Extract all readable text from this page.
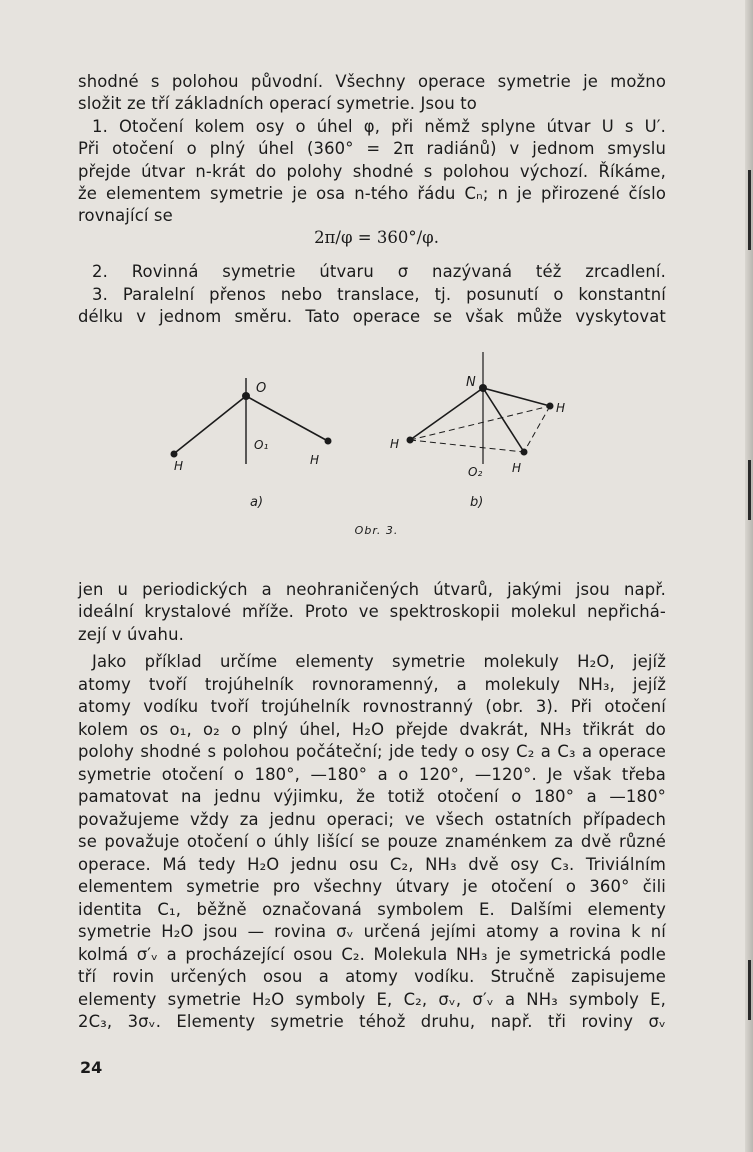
shodné s polohou původní. Všechny operace symetrie je možno
složit ze tří základních operací symetrie. Jsou to
1. Otočení kolem osy o úhel φ, při němž splyne útvar U s U′.
Při otočení o plný úhel (360° = 2π radiánů) v jednom smyslu
přejde útvar n-krát do polohy shodné s polohou výchozí. Říkáme,
že elementem symetrie je osa n-tého řádu Cₙ; n je přirozené číslo
rovnající se
2π/φ = 360°/φ.
2. Rovinná symetrie útvaru σ nazývaná též zrcadlení.
3. Paralelní přenos nebo translace, tj. posunutí o konstantní
délku v jednom směru. Tato operace se však může vyskytovat
O
O₁
H	H
a)
N
H
H
H
O₂
b)
Obr. 3.
jen u periodických a neohraničených útvarů, jakými jsou např.
ideální krystalové mříže. Proto ve spektroskopii molekul nepřichá-
zejí v úvahu.
Jako příklad určíme elementy symetrie molekuly H₂O, jejíž
atomy tvoří trojúhelník rovnoramenný, a molekuly NH₃, jejíž
atomy vodíku tvoří trojúhelník rovnostranný (obr. 3). Při otočení
kolem os o₁, o₂ o plný úhel, H₂O přejde dvakrát, NH₃ třikrát do
polohy shodné s polohou počáteční; jde tedy o osy C₂ a C₃ a operace
symetrie otočení o 180°, —180° a o 120°, —120°. Je však třeba
pamatovat na jednu výjimku, že totiž otočení o 180° a —180°
považujeme vždy za jednu operaci; ve všech ostatních případech
se považuje otočení o úhly lišící se pouze znaménkem za dvě různé
operace. Má tedy H₂O jednu osu C₂, NH₃ dvě osy C₃. Triviálním
elementem symetrie pro všechny útvary je otočení o 360° čili
identita C₁, běžně označovaná symbolem E. Dalšími elementy
symetrie H₂O jsou — rovina σᵥ určená jejími atomy a rovina k ní
kolmá σ′ᵥ a procházející osou C₂. Molekula NH₃ je symetrická podle
tří rovin určených osou a atomy vodíku. Stručně zapisujeme
elementy symetrie H₂O symboly E, C₂, σᵥ, σ′ᵥ a NH₃ symboly E,
2C₃, 3σᵥ. Elementy symetrie téhož druhu, např. tři roviny σᵥ
24
